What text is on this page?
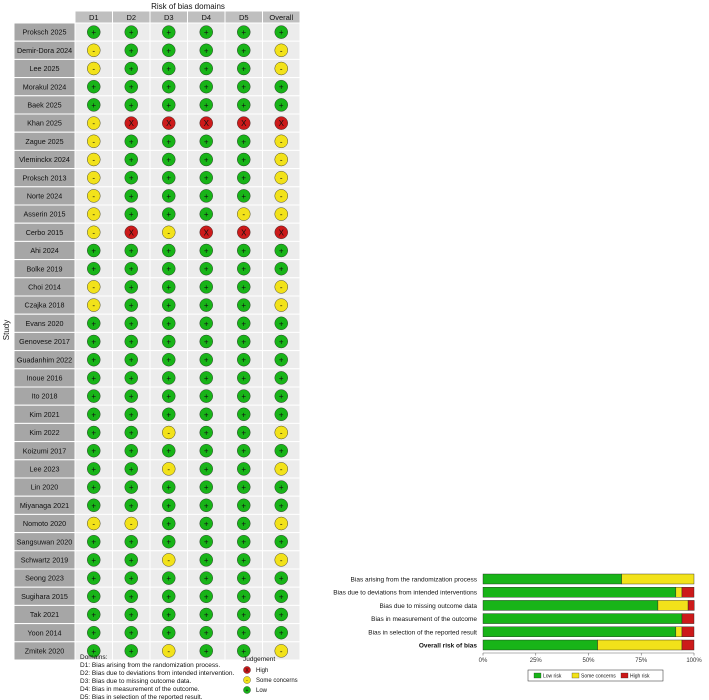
Risk of bias domains
Study
D1	D2	D3	D4	D5	Overall
Proksch 2025	+	+	+	+	+	+
Demir-Dora 2024	-	+	+	+	+	-
Lee 2025	-	+	+	+	+	-
Morakul 2024	+	+	+	+	+	+
Baek 2025	+	+	+	+	+	+
Khan 2025	-	X	X	X	X	X
Zague 2025	-	+	+	+	+	-
Vleminckx 2024	-	+	+	+	+	-
Proksch 2013	-	+	+	+	+	-
Norte 2024	-	+	+	+	+	-
Asserin 2015	-	+	+	+	-	-
Cerbo 2015	-	X	-	X	X	X
Ahi 2024	+	+	+	+	+	+
Bolke 2019	+	+	+	+	+	+
Choi 2014	-	+	+	+	+	-
Czajka 2018	-	+	+	+	+	-
Evans 2020	+	+	+	+	+	+
Genovese 2017	+	+	+	+	+	+
Guadanhim 2022 +	+	+	+	+	+
Inoue 2016	+	+	+	+	+	+
Ito 2018	+	+	+	+	+	+
Kim 2021	+	+	+	+	+	+
Kim 2022	+	+	-	+	+	-
Koizumi 2017	+	+	+	+	+	+
Lee 2023	+	+	-	+	+	-
Lin 2020	+	+	+	+	+	+
Miyanaga 2021	+	+	+	+	+	+
Nomoto 2020	-	-	+	+	+	-
Sangsuwan 2020 +	+	+	+	+	+
Schwartz 2019	+	+	-	+	+	-
Seong 2023	+	+	+	+	+	+
Sugihara 2015	+	+	+	+	+	+
Tak 2021	+	+	+	+	+	+
Yoon 2014	+	+	+	+	+	+
Zmitek 2020	+	+	-	+	+	-
Domains:
D1: Bias arising from the randomization process.
D2: Bias due to deviations from intended intervention.
D3: Bias due to missing outcome data.
D4: Bias in measurement of the outcome.
D5: Bias in selection of the reported result.
Judgement
X High
- Some concerns
+ Low
Bias arising from the randomization process
Bias due to deviations from intended interventions
Bias due to missing outcome data
Bias in measurement of the outcome
Bias in selection of the reported result
Overall risk of bias
0%	25%	50%	75%	100%
Low risk	Some concerns	High risk
